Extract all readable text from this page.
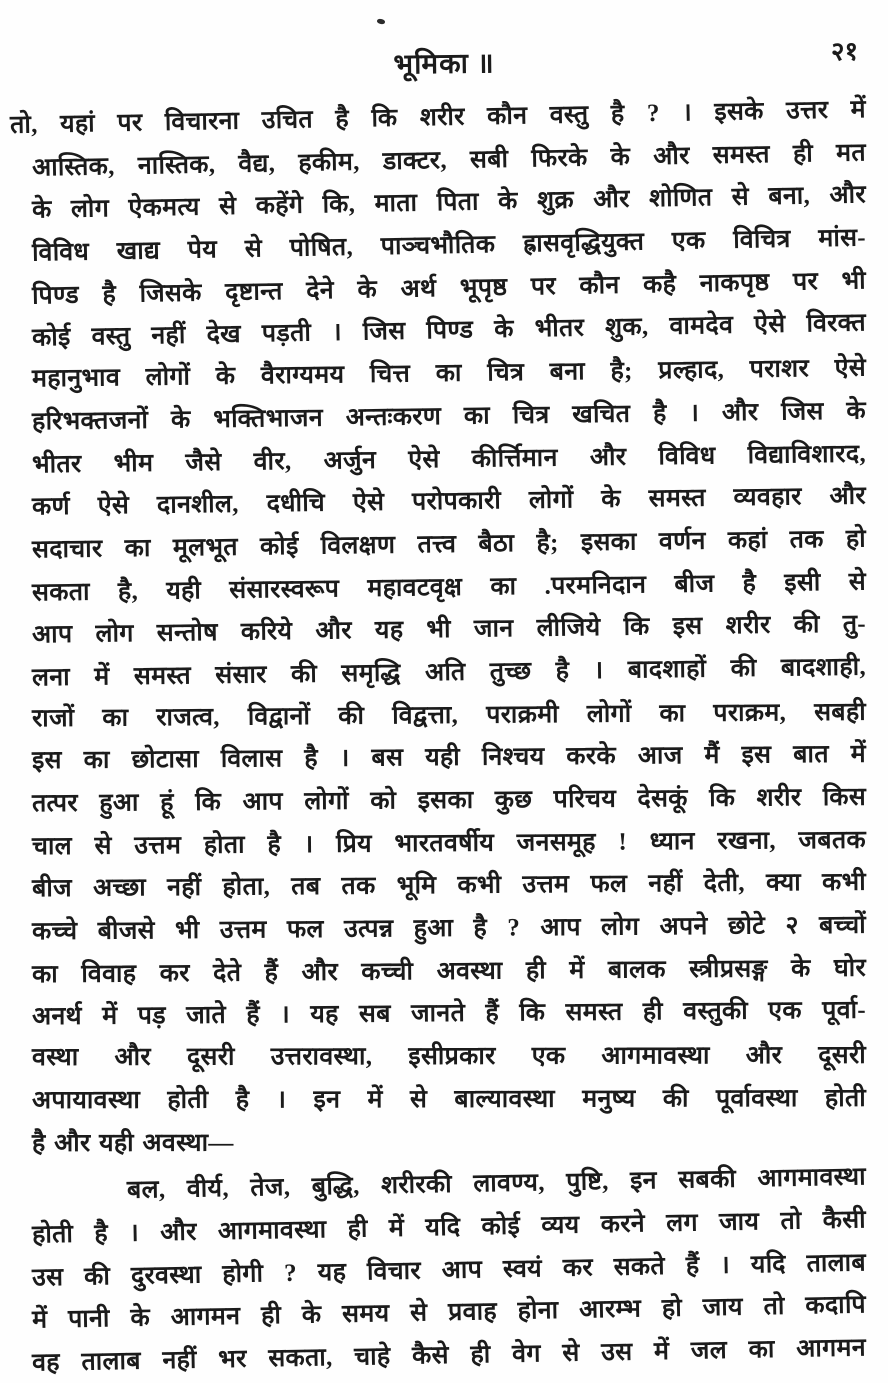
भूमिका ॥	२१
तो, यहां पर विचारना उचित है कि शरीर कौन वस्तु है ? । इसके उत्तर में
आस्तिक, नास्तिक, वैद्य, हकीम, डाक्टर, सबी फिरके के और समस्त ही मत
के लोग ऐकमत्य से कहेंगे कि, माता पिता के शुक्र और शोणित से बना, और
विविध खाद्य पेय से पोषित, पाञ्चभौतिक ह्रासवृद्धियुक्त एक विचित्र मांस-
पिण्ड है जिसके दृष्टान्त देने के अर्थ भूपृष्ठ पर कौन कहै नाकपृष्ठ पर भी
कोई वस्तु नहीं देख पड़ती । जिस पिण्ड के भीतर शुक, वामदेव ऐसे विरक्त
महानुभाव लोगों के वैराग्यमय चित्त का चित्र बना है; प्रल्हाद, पराशर ऐसे
हरिभक्तजनों के भक्तिभाजन अन्तःकरण का चित्र खचित है । और जिस के
भीतर भीम जैसे वीर, अर्जुन ऐसे कीर्त्तिमान और विविध विद्याविशारद,
कर्ण ऐसे दानशील, दधीचि ऐसे परोपकारी लोगों के समस्त व्यवहार और
सदाचार का मूलभूत कोई विलक्षण तत्त्व बैठा है; इसका वर्णन कहां तक हो
सकता है, यही संसारस्वरूप महावटवृक्ष का .परमनिदान बीज है इसी से
आप लोग सन्तोष करिये और यह भी जान लीजिये कि इस शरीर की तु-
लना में समस्त संसार की समृद्धि अति तुच्छ है । बादशाहों की बादशाही,
राजों का राजत्व, विद्वानों की विद्वत्ता, पराक्रमी लोगों का पराक्रम, सबही
इस का छोटासा विलास है । बस यही निश्चय करके आज मैं इस बात में
तत्पर हुआ हूं कि आप लोगों को इसका कुछ परिचय देसकूं कि शरीर किस
चाल से उत्तम होता है । प्रिय भारतवर्षीय जनसमूह ! ध्यान रखना, जबतक
बीज अच्छा नहीं होता, तब तक भूमि कभी उत्तम फल नहीं देती, क्या कभी
कच्चे बीजसे भी उत्तम फल उत्पन्न हुआ है ? आप लोग अपने छोटे २ बच्चों
का विवाह कर देते हैं और कच्ची अवस्था ही में बालक स्त्रीप्रसङ्ग के घोर
अनर्थ में पड़ जाते हैं । यह सब जानते हैं कि समस्त ही वस्तुकी एक पूर्वा-
वस्था और दूसरी उत्तरावस्था, इसीप्रकार एक आगमावस्था और दूसरी
अपायावस्था होती है । इन में से बाल्यावस्था मनुष्य की पूर्वावस्था होती
है और यही अवस्था—
बल, वीर्य, तेज, बुद्धि, शरीरकी लावण्य, पुष्टि, इन सबकी आगमावस्था
होती है । और आगमावस्था ही में यदि कोई व्यय करने लग जाय तो कैसी
उस की दुरवस्था होगी ? यह विचार आप स्वयं कर सकते हैं । यदि तालाब
में पानी के आगमन ही के समय से प्रवाह होना आरम्भ हो जाय तो कदापि
वह तालाब नहीं भर सकता, चाहे कैसे ही वेग से उस में जल का आगमन
